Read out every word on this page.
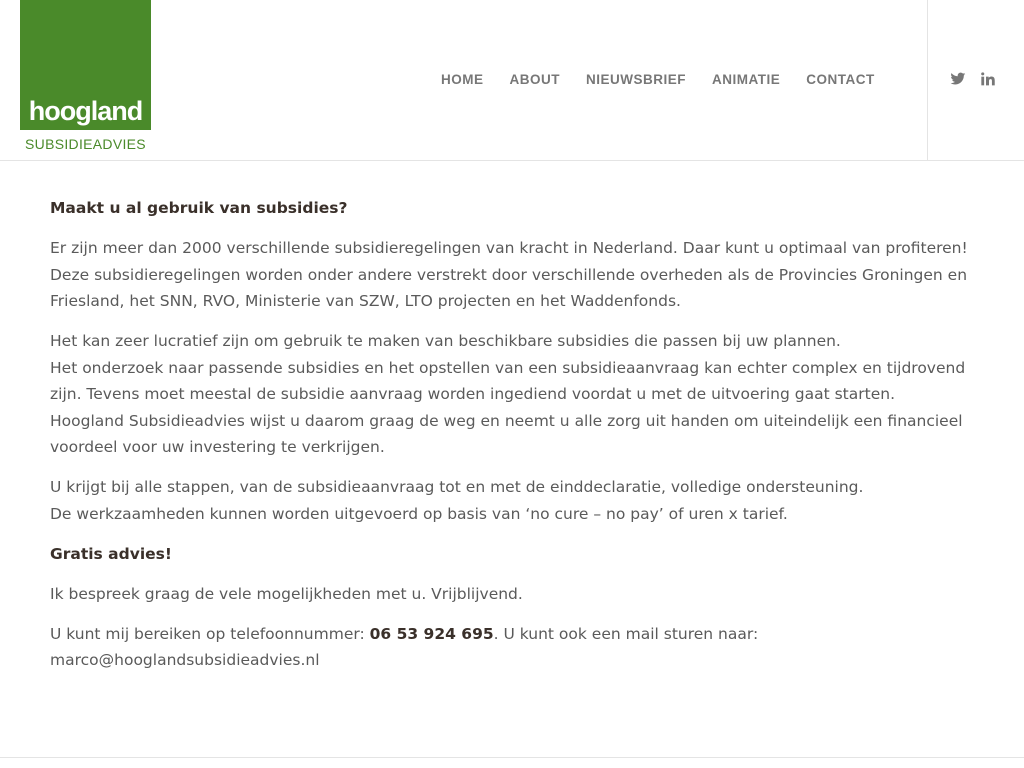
hoogland
SUBSIDIEADVIES
HOME ABOUT NIEUWSBRIEF ANIMATIE CONTACT

Maakt u al gebruik van subsidies?

Er zijn meer dan 2000 verschillende subsidieregelingen van kracht in Nederland. Daar kunt u optimaal van profiteren!
Deze subsidieregelingen worden onder andere verstrekt door verschillende overheden als de Provincies Groningen en Friesland, het SNN, RVO, Ministerie van SZW, LTO projecten en het Waddenfonds.

Het kan zeer lucratief zijn om gebruik te maken van beschikbare subsidies die passen bij uw plannen.
Het onderzoek naar passende subsidies en het opstellen van een subsidieaanvraag kan echter complex en tijdrovend zijn. Tevens moet meestal de subsidie aanvraag worden ingediend voordat u met de uitvoering gaat starten.
Hoogland Subsidieadvies wijst u daarom graag de weg en neemt u alle zorg uit handen om uiteindelijk een financieel voordeel voor uw investering te verkrijgen.

U krijgt bij alle stappen, van de subsidieaanvraag tot en met de einddeclaratie, volledige ondersteuning.
De werkzaamheden kunnen worden uitgevoerd op basis van ‘no cure – no pay’ of uren x tarief.

Gratis advies!

Ik bespreek graag de vele mogelijkheden met u. Vrijblijvend.

U kunt mij bereiken op telefoonnummer: 06 53 924 695. U kunt ook een mail sturen naar:
marco@hooglandsubsidieadvies.nl
